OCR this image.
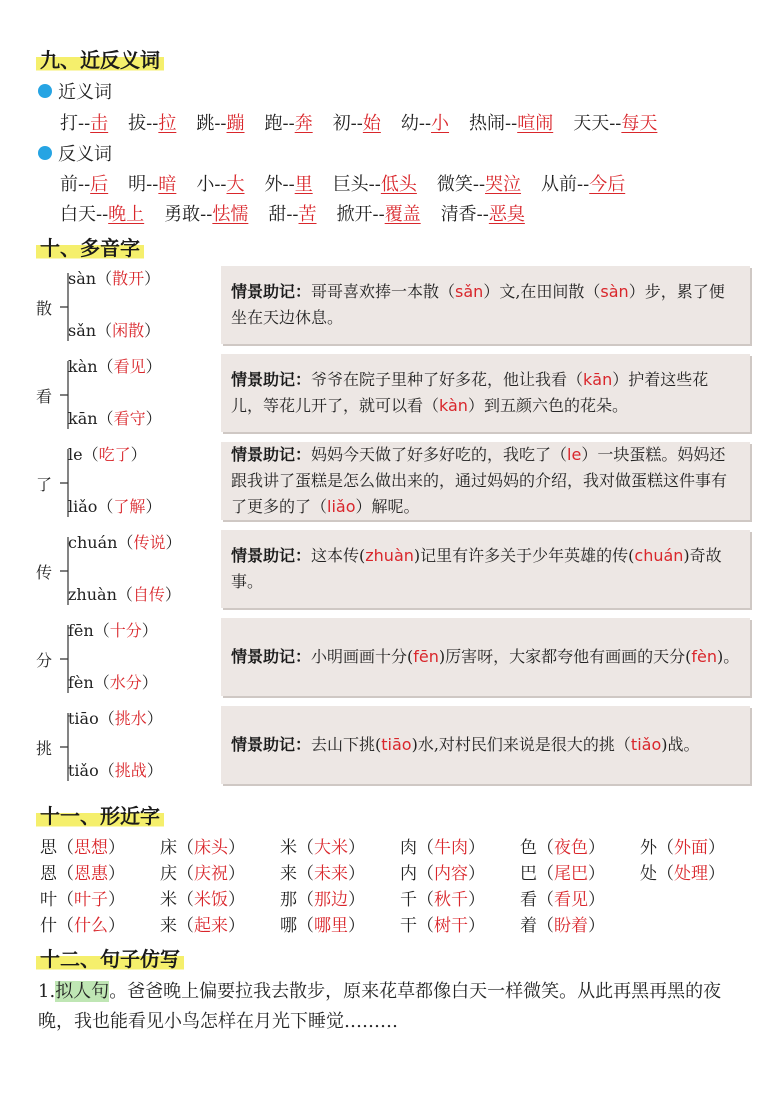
九、近反义词
近义词
打--击 拔--拉 跳--蹦 跑--奔 初--始 幼--小 热闹--喧闹 天天--每天
反义词
前--后 明--暗 小--大 外--里 巨头--低头 微笑--哭泣 从前--今后
白天--晚上 勇敢--怯懦 甜--苦 掀开--覆盖 清香--恶臭
十、多音字
散
sàn（散开）
sǎn（闲散）
情景助记：哥哥喜欢捧一本散（sǎn）文,在田间散（sàn）步，累了便坐在天边休息。
看
kàn（看见）
kān（看守）
情景助记：爷爷在院子里种了好多花，他让我看（kān）护着这些花儿，等花儿开了，就可以看（kàn）到五颜六色的花朵。
了
le（吃了）
liǎo（了解）
情景助记：妈妈今天做了好多好吃的，我吃了（le）一块蛋糕。妈妈还跟我讲了蛋糕是怎么做出来的，通过妈妈的介绍，我对做蛋糕这件事有了更多的了（liǎo）解呢。
传
chuán（传说）
zhuàn（自传）
情景助记：这本传(zhuàn)记里有许多关于少年英雄的传(chuán)奇故事。
分
fēn（十分）
fèn（水分）
情景助记：小明画画十分(fēn)厉害呀，大家都夸他有画画的天分(fèn)。
挑
tiāo（挑水）
tiǎo（挑战）
情景助记：去山下挑(tiāo)水,对村民们来说是很大的挑（tiǎo)战。
十一、形近字
思（思想） 床（床头） 米（大米） 肉（牛肉） 色（夜色） 外（外面）
恩（恩惠） 庆（庆祝） 来（未来） 内（内容） 巴（尾巴） 处（处理）
叶（叶子） 米（米饭） 那（那边） 千（秋千） 看（看见）
什（什么） 来（起来） 哪（哪里） 干（树干） 着（盼着）
十二、句子仿写
1.拟人句。爸爸晚上偏要拉我去散步，原来花草都像白天一样微笑。从此再黑再黑的夜晚，我也能看见小鸟怎样在月光下睡觉………
